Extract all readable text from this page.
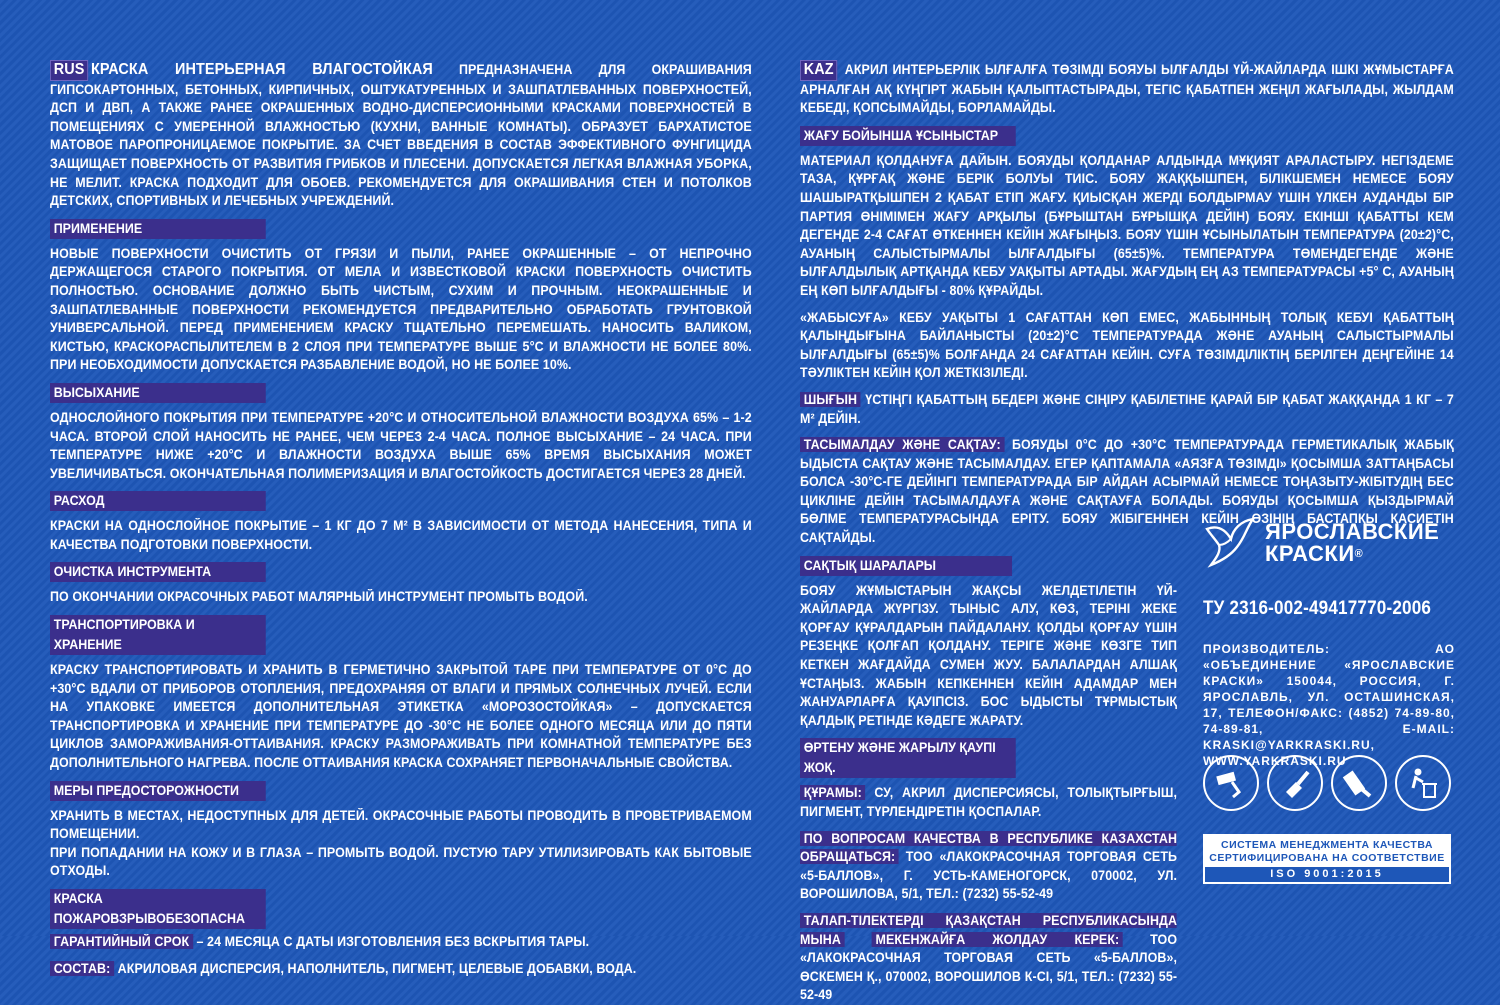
RUS КРАСКА ИНТЕРЬЕРНАЯ ВЛАГОСТОЙКАЯ ПРЕДНАЗНАЧЕНА ДЛЯ ОКРАШИВАНИЯ ГИПСОКАРТОННЫХ, БЕТОННЫХ, КИРПИЧНЫХ, ОШТУКАТУРЕННЫХ И ЗАШПАТЛЕВАННЫХ ПОВЕРХНОСТЕЙ, ДСП И ДВП, А ТАКЖЕ РАНЕЕ ОКРАШЕННЫХ ВОДНО-ДИСПЕРСИОННЫМИ КРАСКАМИ ПОВЕРХНОСТЕЙ В ПОМЕЩЕНИЯХ С УМЕРЕННОЙ ВЛАЖНОСТЬЮ (КУХНИ, ВАННЫЕ КОМНАТЫ). ОБРАЗУЕТ БАРХАТИСТОЕ МАТОВОЕ ПАРОПРОНИЦАЕМОЕ ПОКРЫТИЕ. ЗА СЧЕТ ВВЕДЕНИЯ В СОСТАВ ЭФФЕКТИВНОГО ФУНГИЦИДА ЗАЩИЩАЕТ ПОВЕРХНОСТЬ ОТ РАЗВИТИЯ ГРИБКОВ И ПЛЕСЕНИ. ДОПУСКАЕТСЯ ЛЕГКАЯ ВЛАЖНАЯ УБОРКА, НЕ МЕЛИТ. КРАСКА ПОДХОДИТ ДЛЯ ОБОЕВ. РЕКОМЕНДУЕТСЯ ДЛЯ ОКРАШИВАНИЯ СТЕН И ПОТОЛКОВ ДЕТСКИХ, СПОРТИВНЫХ И ЛЕЧЕБНЫХ УЧРЕЖДЕНИЙ.

ПРИМЕНЕНИЕ

НОВЫЕ ПОВЕРХНОСТИ ОЧИСТИТЬ ОТ ГРЯЗИ И ПЫЛИ, РАНЕЕ ОКРАШЕННЫЕ – ОТ НЕПРОЧНО ДЕРЖАЩЕГОСЯ СТАРОГО ПОКРЫТИЯ. ОТ МЕЛА И ИЗВЕСТКОВОЙ КРАСКИ ПОВЕРХНОСТЬ ОЧИСТИТЬ ПОЛНОСТЬЮ. ОСНОВАНИЕ ДОЛЖНО БЫТЬ ЧИСТЫМ, СУХИМ И ПРОЧНЫМ. НЕОКРАШЕННЫЕ И ЗАШПАТЛЕВАННЫЕ ПОВЕРХНОСТИ РЕКОМЕНДУЕТСЯ ПРЕДВАРИТЕЛЬНО ОБРАБОТАТЬ ГРУНТОВКОЙ УНИВЕРСАЛЬНОЙ. ПЕРЕД ПРИМЕНЕНИЕМ КРАСКУ ТЩАТЕЛЬНО ПЕРЕМЕШАТЬ. НАНОСИТЬ ВАЛИКОМ, КИСТЬЮ, КРАСКОРАСПЫЛИТЕЛЕМ В 2 СЛОЯ ПРИ ТЕМПЕРАТУРЕ ВЫШЕ 5°С И ВЛАЖНОСТИ НЕ БОЛЕЕ 80%. ПРИ НЕОБХОДИМОСТИ ДОПУСКАЕТСЯ РАЗБАВЛЕНИЕ ВОДОЙ, НО НЕ БОЛЕЕ 10%.

ВЫСЫХАНИЕ

ОДНОСЛОЙНОГО ПОКРЫТИЯ ПРИ ТЕМПЕРАТУРЕ +20°С И ОТНОСИТЕЛЬНОЙ ВЛАЖНОСТИ ВОЗДУХА 65% – 1-2 ЧАСА. ВТОРОЙ СЛОЙ НАНОСИТЬ НЕ РАНЕЕ, ЧЕМ ЧЕРЕЗ 2-4 ЧАСА. ПОЛНОЕ ВЫСЫХАНИЕ – 24 ЧАСА. ПРИ ТЕМПЕРАТУРЕ НИЖЕ +20°С И ВЛАЖНОСТИ ВОЗДУХА ВЫШЕ 65% ВРЕМЯ ВЫСЫХАНИЯ МОЖЕТ УВЕЛИЧИВАТЬСЯ. ОКОНЧАТЕЛЬНАЯ ПОЛИМЕРИЗАЦИЯ И ВЛАГОСТОЙКОСТЬ ДОСТИГАЕТСЯ ЧЕРЕЗ 28 ДНЕЙ.

РАСХОД

КРАСКИ НА ОДНОСЛОЙНОЕ ПОКРЫТИЕ – 1 КГ ДО 7 М² В ЗАВИСИМОСТИ ОТ МЕТОДА НАНЕСЕНИЯ, ТИПА И КАЧЕСТВА ПОДГОТОВКИ ПОВЕРХНОСТИ.

ОЧИСТКА ИНСТРУМЕНТА

ПО ОКОНЧАНИИ ОКРАСОЧНЫХ РАБОТ МАЛЯРНЫЙ ИНСТРУМЕНТ ПРОМЫТЬ ВОДОЙ.

ТРАНСПОРТИРОВКА И ХРАНЕНИЕ

КРАСКУ ТРАНСПОРТИРОВАТЬ И ХРАНИТЬ В ГЕРМЕТИЧНО ЗАКРЫТОЙ ТАРЕ ПРИ ТЕМПЕРАТУРЕ ОТ 0°С ДО +30°С ВДАЛИ ОТ ПРИБОРОВ ОТОПЛЕНИЯ, ПРЕДОХРАНЯЯ ОТ ВЛАГИ И ПРЯМЫХ СОЛНЕЧНЫХ ЛУЧЕЙ. ЕСЛИ НА УПАКОВКЕ ИМЕЕТСЯ ДОПОЛНИТЕЛЬНАЯ ЭТИКЕТКА «МОРОЗОСТОЙКАЯ» – ДОПУСКАЕТСЯ ТРАНСПОРТИРОВКА И ХРАНЕНИЕ ПРИ ТЕМПЕРАТУРЕ ДО -30°С НЕ БОЛЕЕ ОДНОГО МЕСЯЦА ИЛИ ДО ПЯТИ ЦИКЛОВ ЗАМОРАЖИВАНИЯ-ОТТАИВАНИЯ. КРАСКУ РАЗМОРАЖИВАТЬ ПРИ КОМНАТНОЙ ТЕМПЕРАТУРЕ БЕЗ ДОПОЛНИТЕЛЬНОГО НАГРЕВА. ПОСЛЕ ОТТАИВАНИЯ КРАСКА СОХРАНЯЕТ ПЕРВОНАЧАЛЬНЫЕ СВОЙСТВА.

МЕРЫ ПРЕДОСТОРОЖНОСТИ

ХРАНИТЬ В МЕСТАХ, НЕДОСТУПНЫХ ДЛЯ ДЕТЕЙ. ОКРАСОЧНЫЕ РАБОТЫ ПРОВОДИТЬ В ПРОВЕТРИВАЕМОМ ПОМЕЩЕНИИ.

ПРИ ПОПАДАНИИ НА КОЖУ И В ГЛАЗА – ПРОМЫТЬ ВОДОЙ. ПУСТУЮ ТАРУ УТИЛИЗИРОВАТЬ КАК БЫТОВЫЕ ОТХОДЫ.

КРАСКА ПОЖАРОВЗРЫВОБЕЗОПАСНА

ГАРАНТИЙНЫЙ СРОК – 24 МЕСЯЦА С ДАТЫ ИЗГОТОВЛЕНИЯ БЕЗ ВСКРЫТИЯ ТАРЫ.

СОСТАВ: АКРИЛОВАЯ ДИСПЕРСИЯ, НАПОЛНИТЕЛЬ, ПИГМЕНТ, ЦЕЛЕВЫЕ ДОБАВКИ, ВОДА.

KAZ АКРИЛ ИНТЕРЬЕРЛІК ЫЛҒАЛҒА ТӨЗІМДІ БОЯУЫ ЫЛҒАЛДЫ ҮЙ-ЖАЙЛАРДА ІШКІ ЖҰМЫСТАРҒА АРНАЛҒАН АҚ КҮҢГІРТ ЖАБЫН ҚАЛЫПТАСТЫРАДЫ, ТЕГІС ҚАБАТПЕН ЖЕҢІЛ ЖАҒЫЛАДЫ, ЖЫЛДАМ КЕБЕДІ, ҚОПСЫМАЙДЫ, БОРЛАМАЙДЫ.

ЖАҒУ БОЙЫНША ҰСЫНЫСТАР

МАТЕРИАЛ ҚОЛДАНУҒА ДАЙЫН. БОЯУДЫ ҚОЛДАНАР АЛДЫНДА МҰҚИЯТ АРАЛАСТЫРУ. НЕГІЗДЕМЕ ТАЗА, ҚҰРҒАҚ ЖӘНЕ БЕРІК БОЛУЫ ТИІС. БОЯУ ЖАҚҚЫШПЕН, БІЛІКШЕМЕН НЕМЕСЕ БОЯУ ШАШЫРАТҚЫШПЕН 2 ҚАБАТ ЕТІП ЖАҒУ. ҚИЫСҚАН ЖЕРДІ БОЛДЫРМАУ ҮШІН ҮЛКЕН АУДАНДЫ БІР ПАРТИЯ ӨНІМІМЕН ЖАҒУ АРҚЫЛЫ (БҰРЫШТАН БҰРЫШҚА ДЕЙІН) БОЯУ. ЕКІНШІ ҚАБАТТЫ КЕМ ДЕГЕНДЕ 2-4 САҒАТ ӨТКЕННЕН КЕЙІН ЖАҒЫҢЫЗ. БОЯУ ҮШІН ҰСЫНЫЛАТЫН ТЕМПЕРАТУРА (20±2)°С, АУАНЫҢ САЛЫСТЫРМАЛЫ ЫЛҒАЛДЫҒЫ (65±5)%. ТЕМПЕРАТУРА ТӨМЕНДЕГЕНДЕ ЖӘНЕ ЫЛҒАЛДЫЛЫҚ АРТҚАНДА КЕБУ УАҚЫТЫ АРТАДЫ. ЖАҒУДЫҢ ЕҢ АЗ ТЕМПЕРАТУРАСЫ +5° С, АУАНЫҢ ЕҢ КӨП ЫЛҒАЛДЫҒЫ - 80% ҚҰРАЙДЫ.

«ЖАБЫСУҒА» КЕБУ УАҚЫТЫ 1 САҒАТТАН КӨП ЕМЕС, ЖАБЫННЫҢ ТОЛЫҚ КЕБУІ ҚАБАТТЫҢ ҚАЛЫҢДЫҒЫНА БАЙЛАНЫСТЫ (20±2)°С ТЕМПЕРАТУРАДА ЖӘНЕ АУАНЫҢ САЛЫСТЫРМАЛЫ ЫЛҒАЛДЫҒЫ (65±5)% БОЛҒАНДА 24 САҒАТТАН КЕЙІН. СУҒА ТӨЗІМДІЛІКТІҢ БЕРІЛГЕН ДЕҢГЕЙІНЕ 14 ТӘУЛІКТЕН КЕЙІН ҚОЛ ЖЕТКІЗІЛЕДІ.

ШЫҒЫН ҮСТІҢГІ ҚАБАТТЫҢ БЕДЕРІ ЖӘНЕ СІҢІРУ ҚАБІЛЕТІНЕ ҚАРАЙ БІР ҚАБАТ ЖАҚҚАНДА 1 КГ – 7 М² ДЕЙІН.

ТАСЫМАЛДАУ ЖӘНЕ САҚТАУ: БОЯУДЫ 0°С ДО +30°С ТЕМПЕРАТУРАДА ГЕРМЕТИКАЛЫҚ ЖАБЫҚ ЫДЫСТА САҚТАУ ЖӘНЕ ТАСЫМАЛДАУ. ЕГЕР ҚАПТАМАЛА «АЯЗҒА ТӨЗІМДІ» ҚОСЫМША ЗАТТАҢБАСЫ БОЛСА -30°С-ГЕ ДЕЙІНГІ ТЕМПЕРАТУРАДА БІР АЙДАН АСЫРМАЙ НЕМЕСЕ ТОҢАЗЫТУ-ЖІБІТУДІҢ БЕС ЦИКЛІНЕ ДЕЙІН ТАСЫМАЛДАУҒА ЖӘНЕ САҚТАУҒА БОЛАДЫ. БОЯУДЫ ҚОСЫМША ҚЫЗДЫРМАЙ БӨЛМЕ ТЕМПЕРАТУРАСЫНДА ЕРІТУ. БОЯУ ЖІБІГЕННЕН КЕЙІН ӨЗІНІҢ БАСТАПҚЫ ҚАСИЕТІН САҚТАЙДЫ.

САҚТЫҚ ШАРАЛАРЫ

БОЯУ ЖҰМЫСТАРЫН ЖАҚСЫ ЖЕЛДЕТІЛЕТІН ҮЙ-ЖАЙЛАРДА ЖҮРГІЗУ. ТЫНЫС АЛУ, КӨЗ, ТЕРІНІ ЖЕКЕ ҚОРҒАУ ҚҰРАЛДАРЫН ПАЙДАЛАНУ. ҚОЛДЫ ҚОРҒАУ ҮШІН РЕЗЕҢКЕ ҚОЛҒАП ҚОЛДАНУ. ТЕРІГЕ ЖӘНЕ КӨЗГЕ ТИП КЕТКЕН ЖАҒДАЙДА СУМЕН ЖУУ. БАЛАЛАРДАН АЛШАҚ ҰСТАҢЫЗ. ЖАБЫН КЕПКЕННЕН КЕЙІН АДАМДАР МЕН ЖАНУАРЛАРҒА ҚАУІПСІЗ. БОС ЫДЫСТЫ ТҰРМЫСТЫҚ ҚАЛДЫҚ РЕТІНДЕ КӘДЕГЕ ЖАРАТУ.

ӨРТЕНУ ЖӘНЕ ЖАРЫЛУ ҚАУПІ ЖОҚ.

ҚҰРАМЫ: СУ, АКРИЛ ДИСПЕРСИЯСЫ, ТОЛЫҚТЫРҒЫШ, ПИГМЕНТ, ТҮРЛЕНДІРЕТІН ҚОСПАЛАР.

ПО ВОПРОСАМ КАЧЕСТВА В РЕСПУБЛИКЕ КАЗАХСТАН ОБРАЩАТЬСЯ: ТОО «ЛАКОКРАСОЧНАЯ ТОРГОВАЯ СЕТЬ «5-БАЛЛОВ», Г. УСТЬ-КАМЕНОГОРСК, 070002, УЛ. ВОРОШИЛОВА, 5/1, ТЕЛ.: (7232) 55-52-49

ТАЛАП-ТІЛЕКТЕРДІ ҚАЗАҚСТАН РЕСПУБЛИКАСЫНДА МЫНА	МЕКЕНЖАЙҒА ЖОЛДАУ КЕРЕК: ТОО «ЛАКОКРАСОЧНАЯ ТОРГОВАЯ СЕТЬ «5-БАЛЛОВ», ӨСКЕМЕН Қ., 070002, ВОРОШИЛОВ К-СІ, 5/1, ТЕЛ.: (7232) 55-52-49

ЯРОСЛАВСКИЕ
КРАСКИ®
ТУ 2316-002-49417770-2006
ПРОИЗВОДИТЕЛЬ: АО «ОБЪЕДИНЕНИЕ «ЯРОСЛАВСКИЕ КРАСКИ» 150044, РОССИЯ, Г. ЯРОСЛАВЛЬ, УЛ. ОСТАШИНСКАЯ, 17, ТЕЛЕФОН/ФАКС: (4852) 74-89-80, 74-89-81, E-MAIL: KRASKI@YARKRASKI.RU, WWW.YARKRASKI.RU
СИСТЕМА МЕНЕДЖМЕНТА КАЧЕСТВА СЕРТИФИЦИРОВАНА НА СООТВЕТСТВИЕ
ISO 9001:2015
